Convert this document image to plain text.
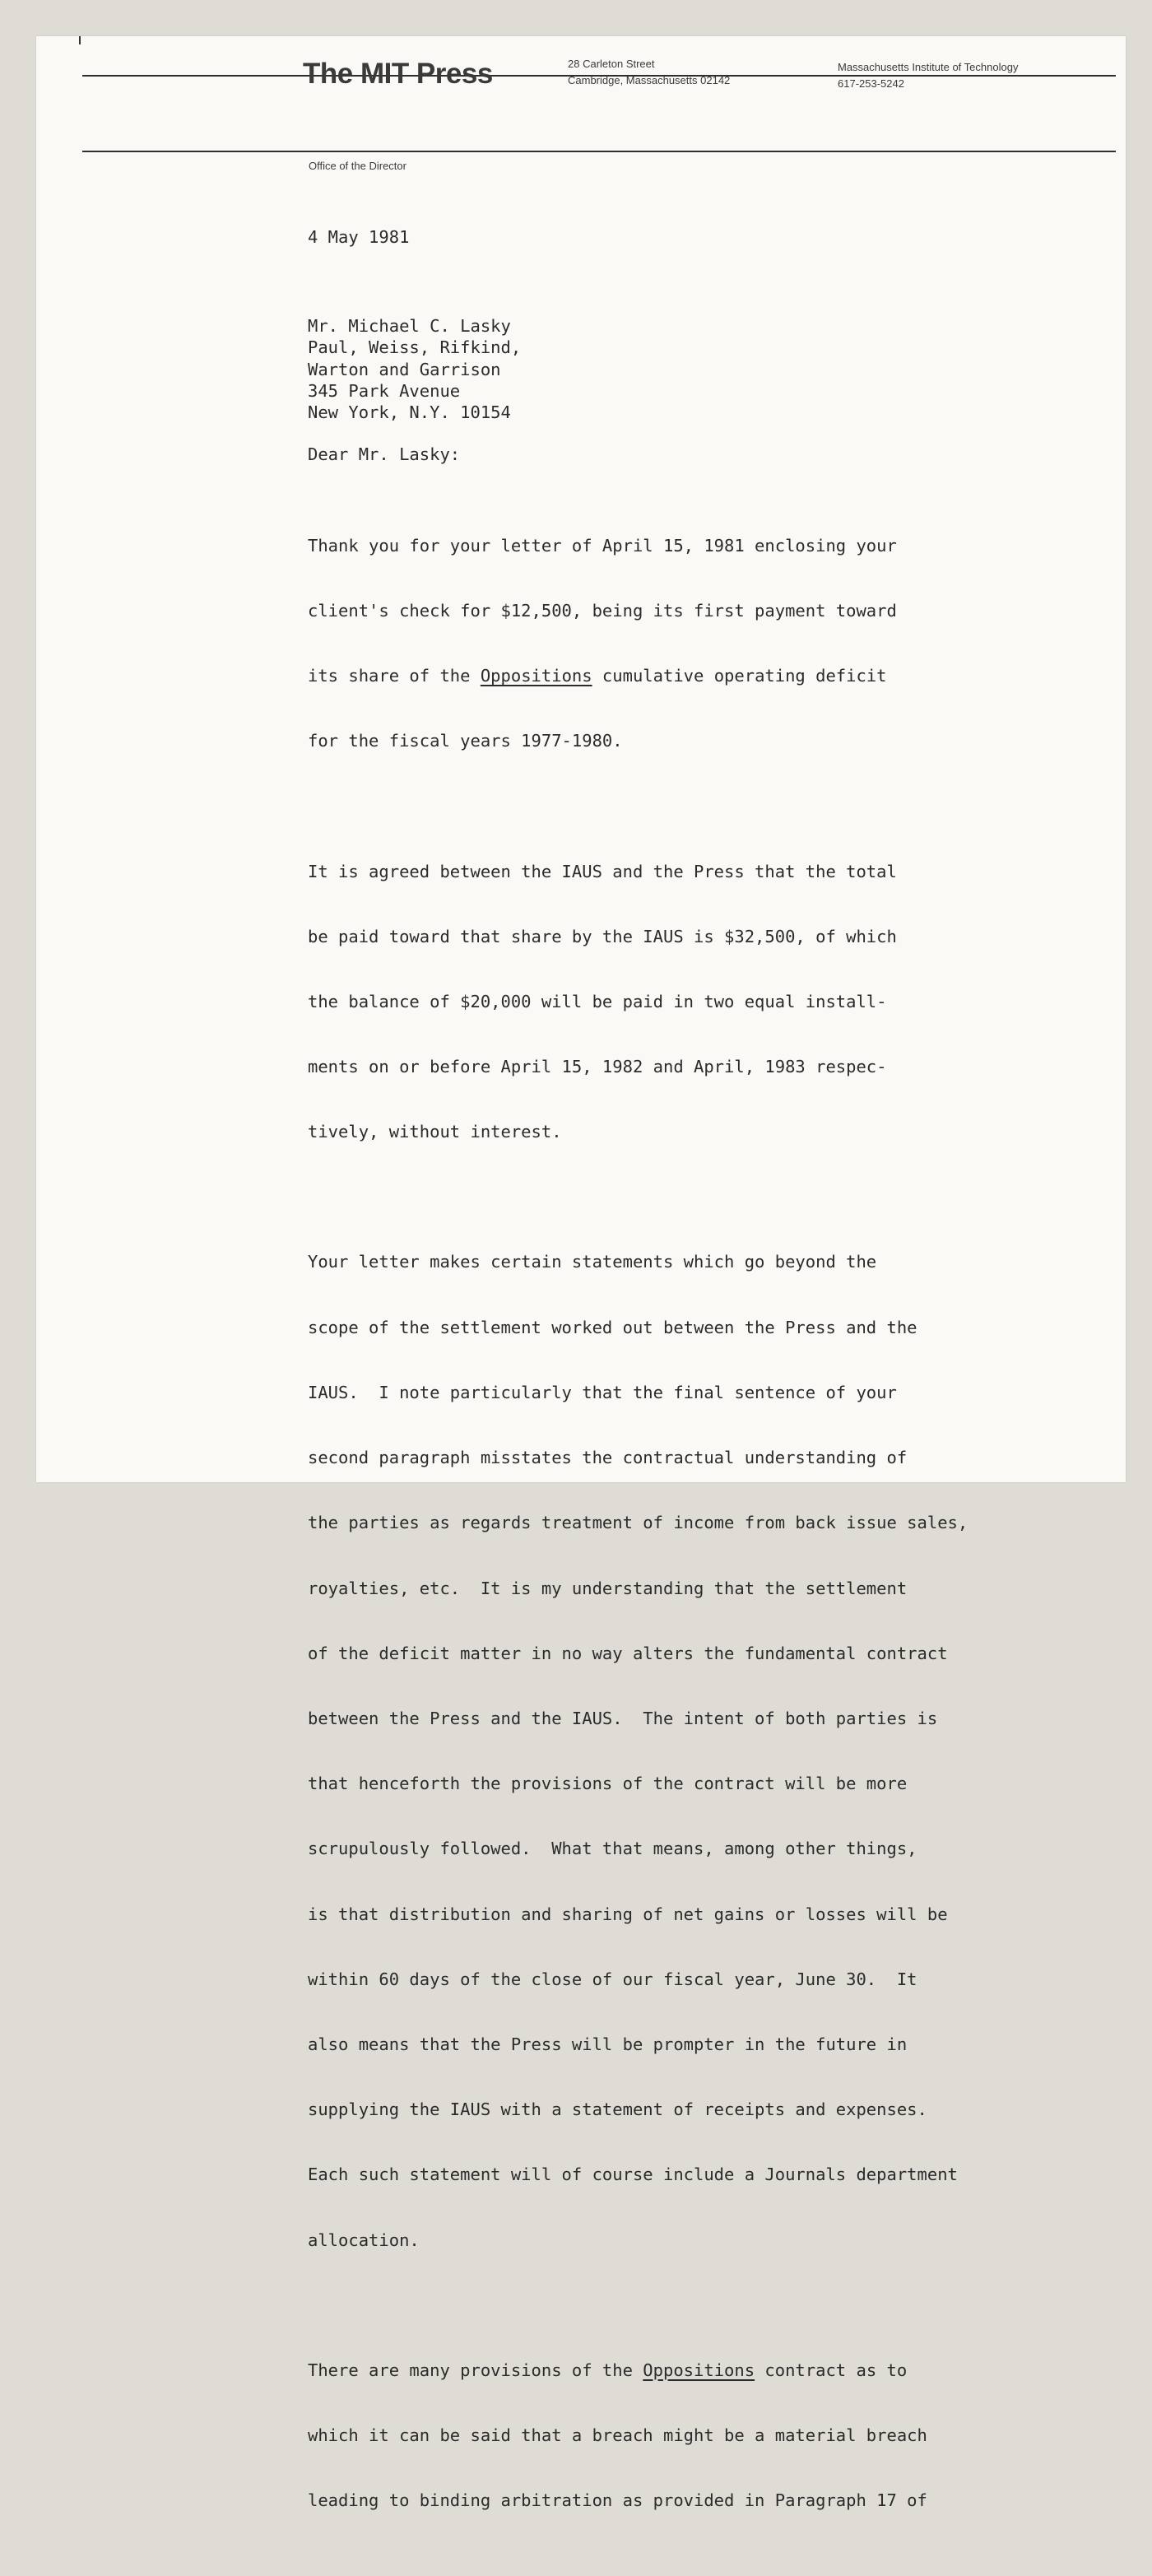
The MIT Press	28 Carleton Street
Cambridge, Massachusetts 02142
Massachusetts Institute of Technology
617-253-5242
Office of the Director
4 May 1981
Mr. Michael C. Lasky
Paul, Weiss, Rifkind,
Warton and Garrison
345 Park Avenue
New York, N.Y. 10154
Dear Mr. Lasky:

Thank you for your letter of April 15, 1981 enclosing your

client's check for $12,500, being its first payment toward

its share of the Oppositions cumulative operating deficit

for the fiscal years 1977-1980.

It is agreed between the IAUS and the Press that the total

be paid toward that share by the IAUS is $32,500, of which

the balance of $20,000 will be paid in two equal install-

ments on or before April 15, 1982 and April, 1983 respec-

tively, without interest.

Your letter makes certain statements which go beyond the

scope of the settlement worked out between the Press and the

IAUS.  I note particularly that the final sentence of your

second paragraph misstates the contractual understanding of

the parties as regards treatment of income from back issue sales,

royalties, etc.  It is my understanding that the settlement

of the deficit matter in no way alters the fundamental contract

between the Press and the IAUS.  The intent of both parties is

that henceforth the provisions of the contract will be more

scrupulously followed.  What that means, among other things,

is that distribution and sharing of net gains or losses will be

within 60 days of the close of our fiscal year, June 30.  It

also means that the Press will be prompter in the future in

supplying the IAUS with a statement of receipts and expenses.

Each such statement will of course include a Journals department

allocation.

There are many provisions of the Oppositions contract as to

which it can be said that a breach might be a material breach

leading to binding arbitration as provided in Paragraph 17 of
